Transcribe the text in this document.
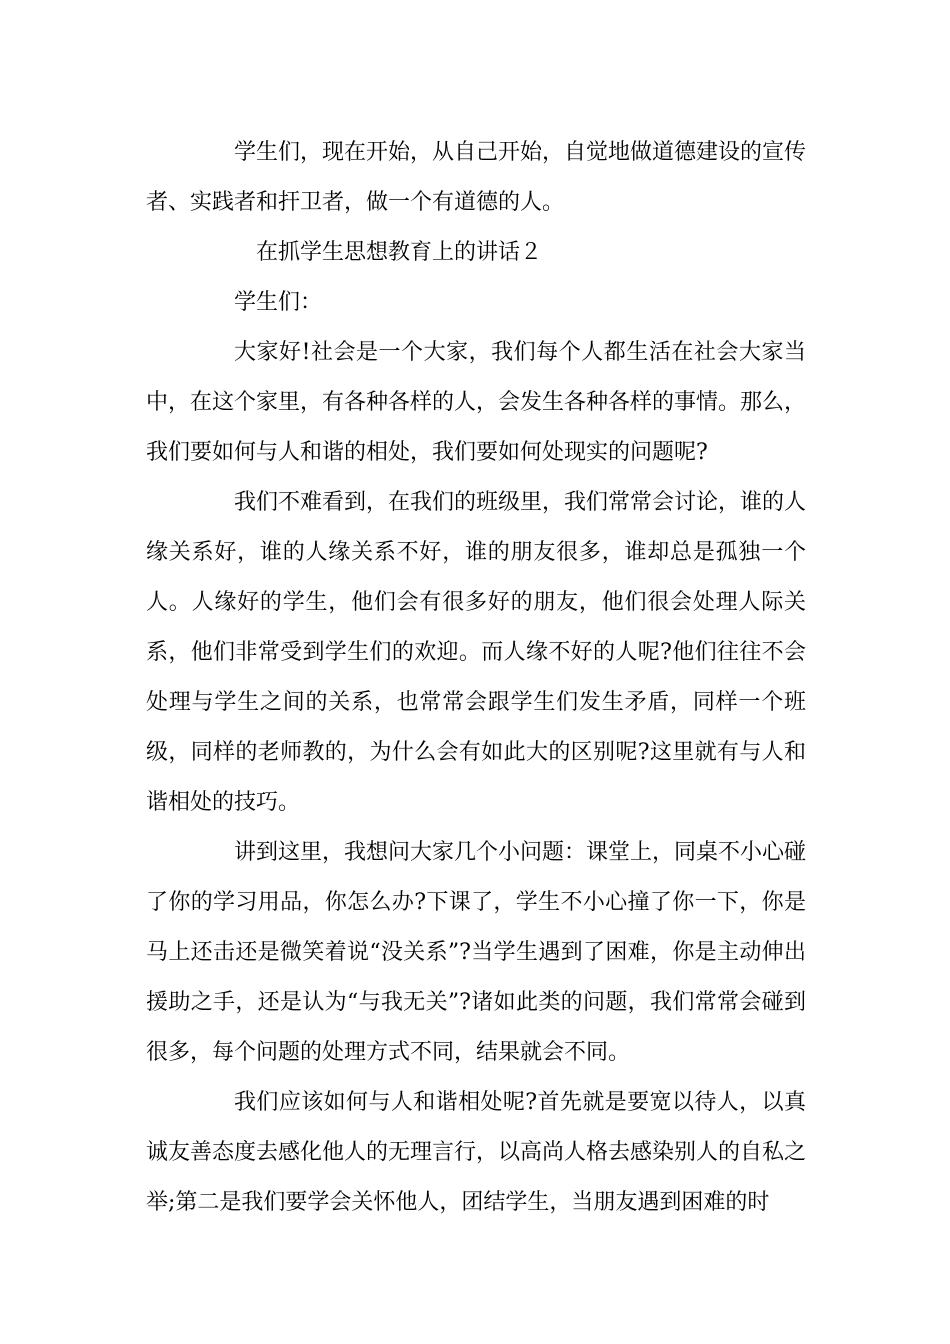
学生们，现在开始，从自己开始，自觉地做道德建设的宣传者、实践者和扞卫者，做一个有道德的人。

在抓学生思想教育上的讲话２

学生们：

大家好!社会是一个大家，我们每个人都生活在社会大家当中，在这个家里，有各种各样的人，会发生各种各样的事情。那么，我们要如何与人和谐的相处，我们要如何处现实的问题呢?

我们不难看到，在我们的班级里，我们常常会讨论，谁的人缘关系好，谁的人缘关系不好，谁的朋友很多，谁却总是孤独一个人。人缘好的学生，他们会有很多好的朋友，他们很会处理人际关系，他们非常受到学生们的欢迎。而人缘不好的人呢?他们往往不会处理与学生之间的关系，也常常会跟学生们发生矛盾，同样一个班级，同样的老师教的，为什么会有如此大的区别呢?这里就有与人和谐相处的技巧。

讲到这里，我想问大家几个小问题：课堂上，同桌不小心碰了你的学习用品，你怎么办?下课了，学生不小心撞了你一下，你是马上还击还是微笑着说“没关系”?当学生遇到了困难，你是主动伸出援助之手，还是认为“与我无关”?诸如此类的问题，我们常常会碰到很多，每个问题的处理方式不同，结果就会不同。

我们应该如何与人和谐相处呢?首先就是要宽以待人，以真诚友善态度去感化他人的无理言行，以高尚人格去感染别人的自私之举;第二是我们要学会关怀他人，团结学生，当朋友遇到困难的时
